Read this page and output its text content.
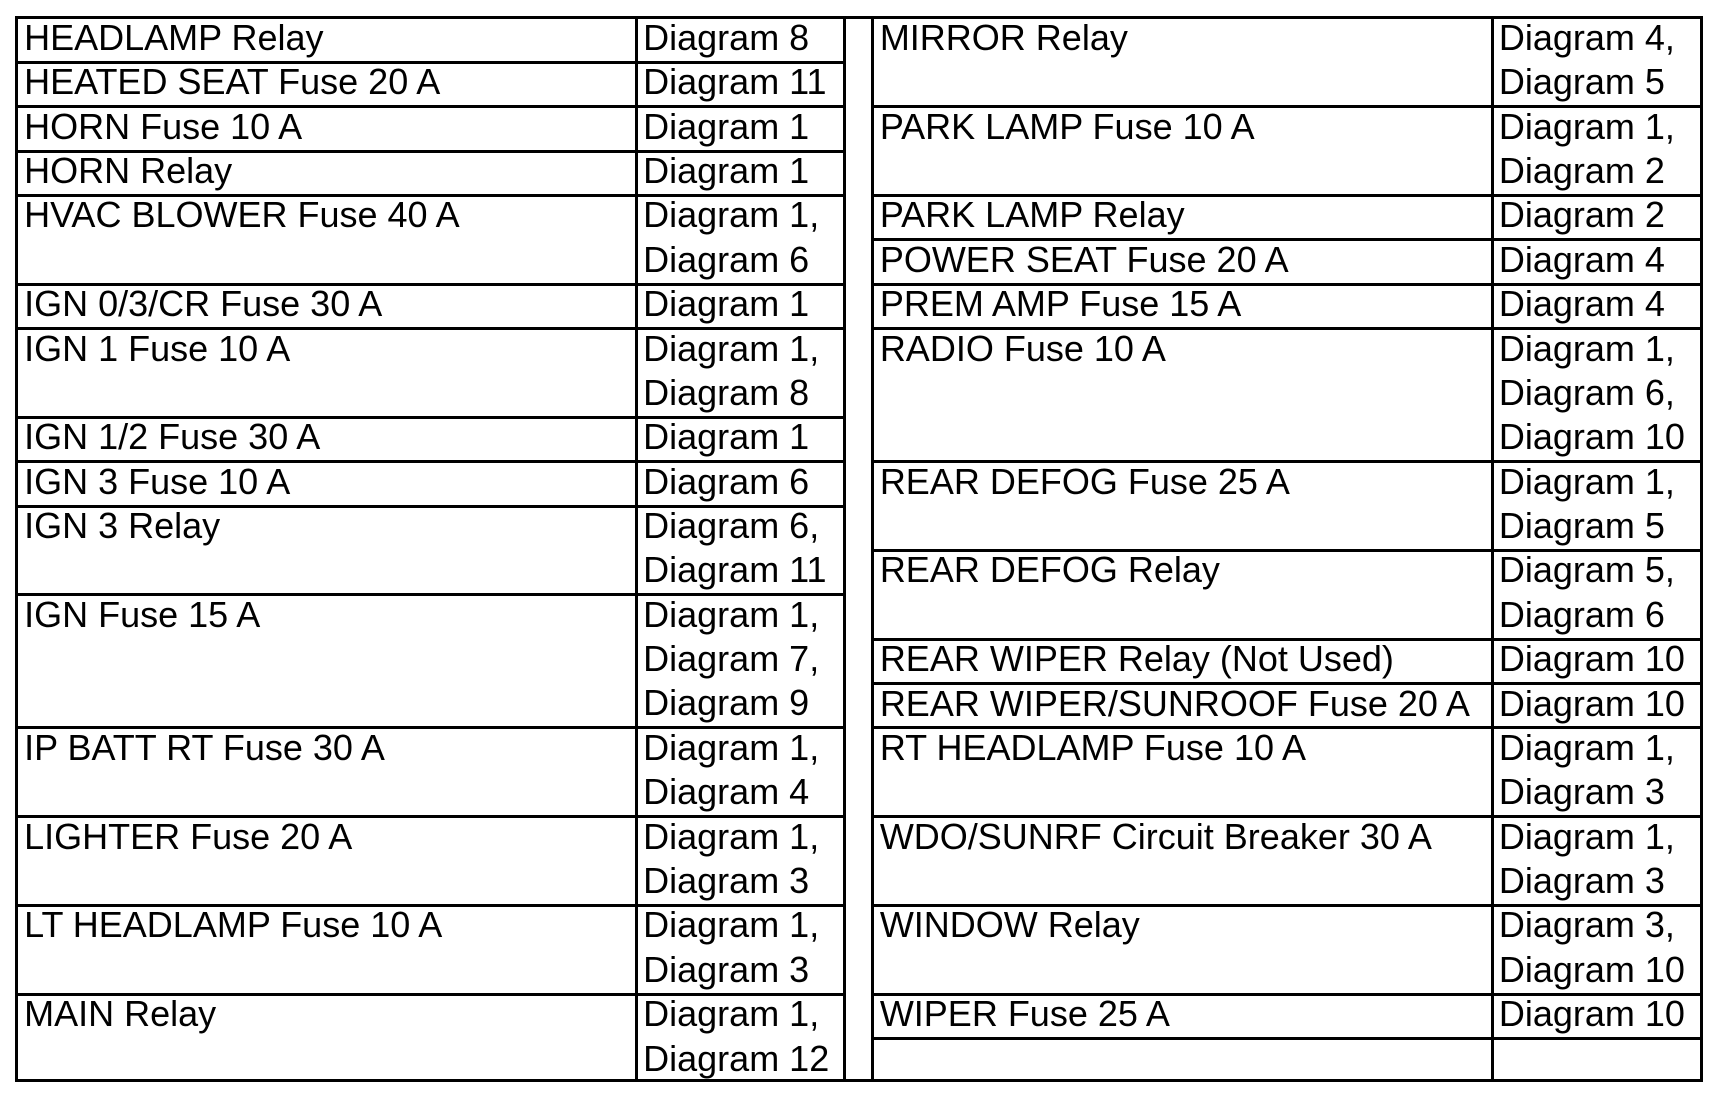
HEADLAMP Relay	Diagram 8
HEATED SEAT Fuse 20 A	Diagram 11
HORN Fuse 10 A	Diagram 1
HORN Relay	Diagram 1
HVAC BLOWER Fuse 40 A	Diagram 1,
Diagram 6
IGN 0/3/CR Fuse 30 A	Diagram 1
IGN 1 Fuse 10 A	Diagram 1,
Diagram 8
IGN 1/2 Fuse 30 A	Diagram 1
IGN 3 Fuse 10 A	Diagram 6
IGN 3 Relay	Diagram 6,
Diagram 11
IGN Fuse 15 A	Diagram 1,
Diagram 7,
Diagram 9
IP BATT RT Fuse 30 A	Diagram 1,
Diagram 4
LIGHTER Fuse 20 A	Diagram 1,
Diagram 3
LT HEADLAMP Fuse 10 A	Diagram 1,
Diagram 3
MAIN Relay	Diagram 1,
Diagram 12
MIRROR Relay	Diagram 4,
Diagram 5
PARK LAMP Fuse 10 A	Diagram 1,
Diagram 2
PARK LAMP Relay	Diagram 2
POWER SEAT Fuse 20 A	Diagram 4
PREM AMP Fuse 15 A	Diagram 4
RADIO Fuse 10 A	Diagram 1,
Diagram 6,
Diagram 10
REAR DEFOG Fuse 25 A	Diagram 1,
Diagram 5
REAR DEFOG Relay	Diagram 5,
Diagram 6
REAR WIPER Relay (Not Used)	Diagram 10
REAR WIPER/SUNROOF Fuse 20 A Diagram 10
RT HEADLAMP Fuse 10 A	Diagram 1,
Diagram 3
WDO/SUNRF Circuit Breaker 30 A	Diagram 1,
Diagram 3
WINDOW Relay	Diagram 3,
Diagram 10
WIPER Fuse 25 A	Diagram 10
